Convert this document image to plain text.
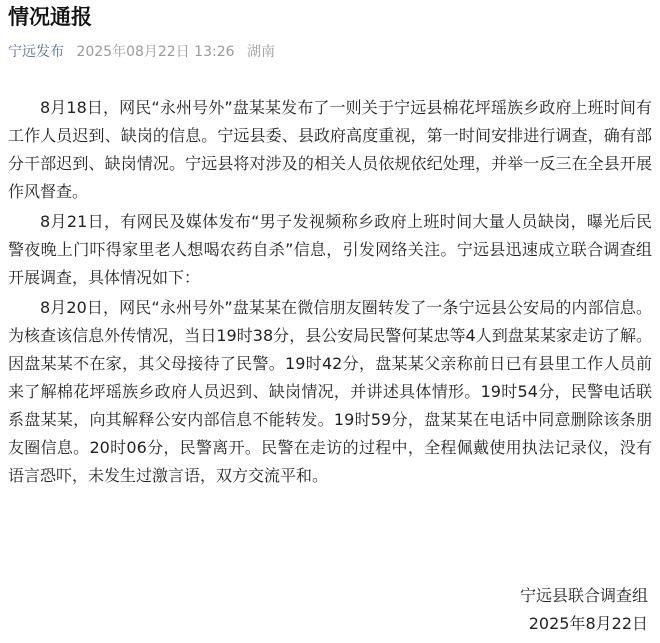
情况通报
宁远发布 2025年08月22日 13:26 湖南

8月18日，网民“永州号外”盘某某发布了一则关于宁远县棉花坪瑶族乡政府上班时间有工作人员迟到、缺岗的信息。宁远县委、县政府高度重视，第一时间安排进行调查，确有部分干部迟到、缺岗情况。宁远县将对涉及的相关人员依规依纪处理，并举一反三在全县开展作风督查。

8月21日，有网民及媒体发布“男子发视频称乡政府上班时间大量人员缺岗，曝光后民警夜晚上门吓得家里老人想喝农药自杀”信息，引发网络关注。宁远县迅速成立联合调查组开展调查，具体情况如下：

8月20日，网民“永州号外”盘某某在微信朋友圈转发了一条宁远县公安局的内部信息。为核查该信息外传情况，当日19时38分，县公安局民警何某忠等4人到盘某某家走访了解。因盘某某不在家，其父母接待了民警。19时42分，盘某某父亲称前日已有县里工作人员前来了解棉花坪瑶族乡政府人员迟到、缺岗情况，并讲述具体情形。19时54分，民警电话联系盘某某，向其解释公安内部信息不能转发。19时59分，盘某某在电话中同意删除该条朋友圈信息。20时06分，民警离开。民警在走访的过程中，全程佩戴使用执法记录仪，没有语言恐吓，未发生过激言语，双方交流平和。

宁远县联合调查组
2025年8月22日
